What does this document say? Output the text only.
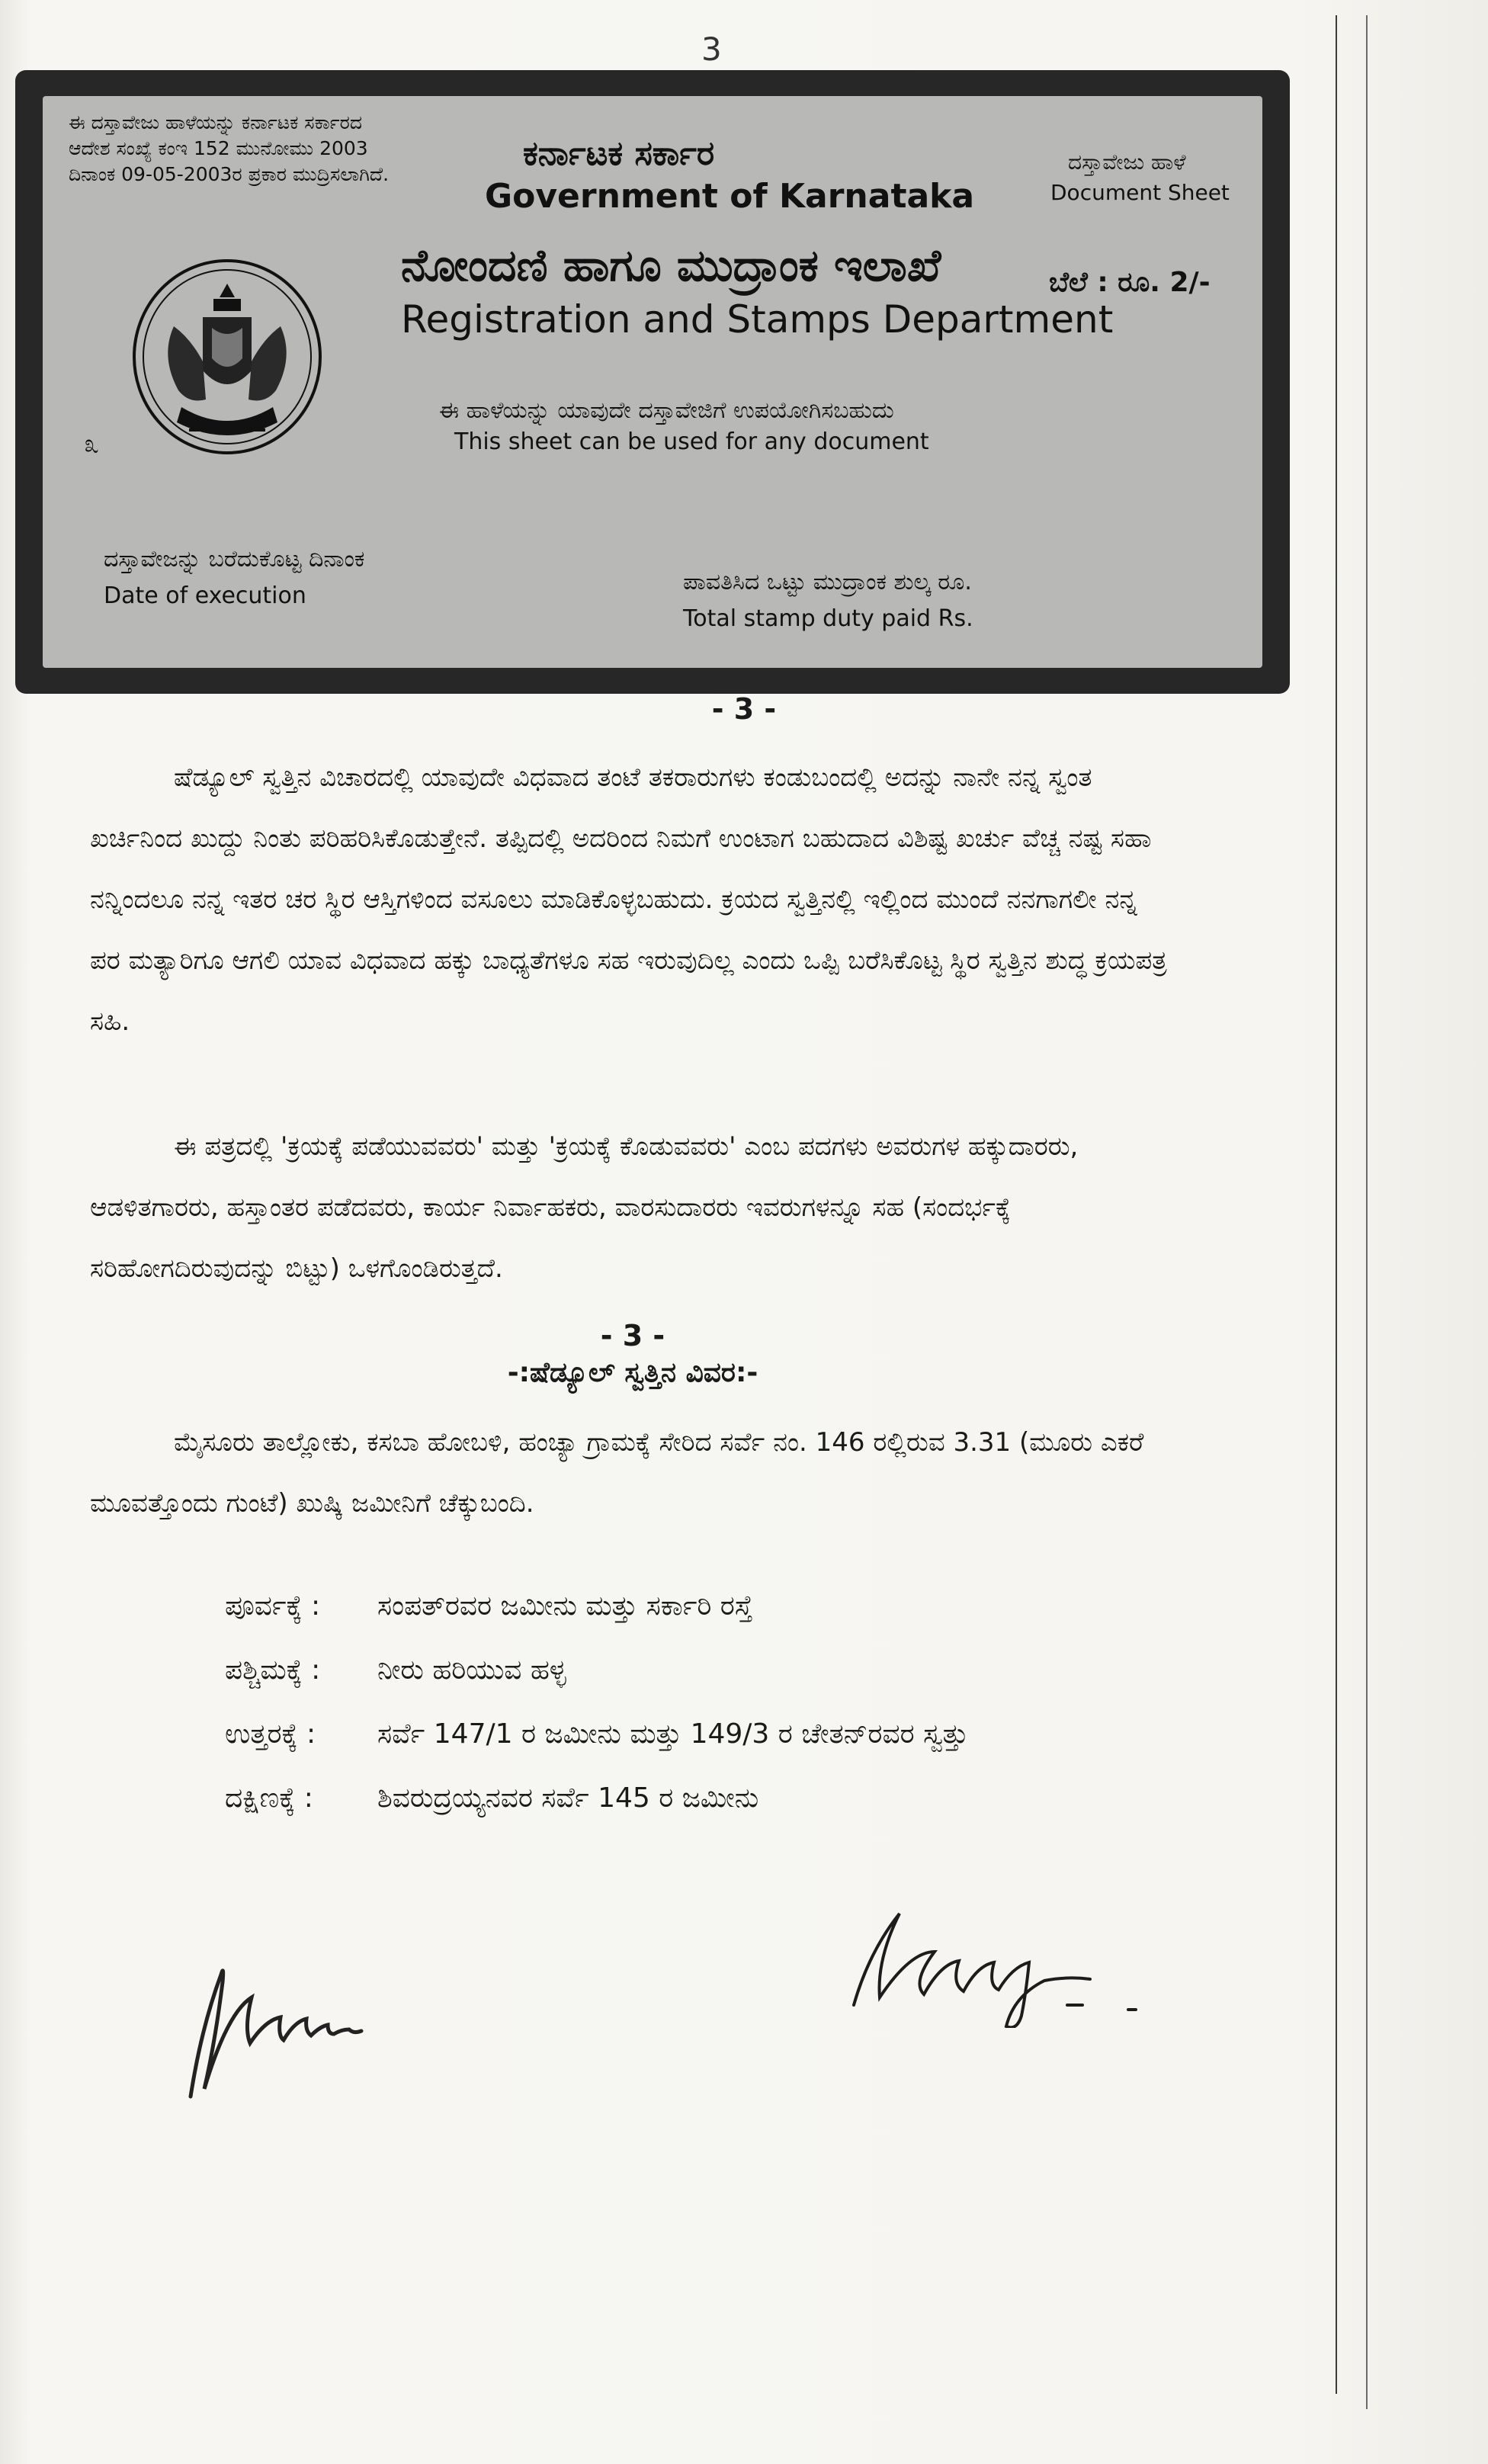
3
ಈ ದಸ್ತಾವೇಜು ಹಾಳೆಯನ್ನು ಕರ್ನಾಟಕ ಸರ್ಕಾರದ
ಆದೇಶ ಸಂಖ್ಯೆ ಕಂಇ 152 ಮುನೋಮು 2003
ದಿನಾಂಕ 09-05-2003ರ ಪ್ರಕಾರ ಮುದ್ರಿಸಲಾಗಿದೆ.
ಕರ್ನಾಟಕ ಸರ್ಕಾರ
Government of Karnataka
ದಸ್ತಾವೇಜು ಹಾಳೆ
Document Sheet
ನೋಂದಣಿ ಹಾಗೂ ಮುದ್ರಾಂಕ ಇಲಾಖೆ
Registration and Stamps Department
ಬೆಲೆ : ರೂ. 2/-
ಈ ಹಾಳೆಯನ್ನು ಯಾವುದೇ ದಸ್ತಾವೇಜಿಗೆ ಉಪಯೋಗಿಸಬಹುದು
This sheet can be used for any document
ದಸ್ತಾವೇಜನ್ನು ಬರೆದುಕೊಟ್ಟ ದಿನಾಂಕ
Date of execution
ಪಾವತಿಸಿದ ಒಟ್ಟು ಮುದ್ರಾಂಕ ಶುಲ್ಕ ರೂ.
Total stamp duty paid Rs.
೩
- 3 -
ಷೆಡ್ಯೂಲ್ ಸ್ವತ್ತಿನ ವಿಚಾರದಲ್ಲಿ ಯಾವುದೇ ವಿಧವಾದ ತಂಟೆ ತಕರಾರುಗಳು ಕಂಡುಬಂದಲ್ಲಿ ಅದನ್ನು ನಾನೇ ನನ್ನ ಸ್ವಂತ ಖರ್ಚಿನಿಂದ ಖುದ್ದು ನಿಂತು ಪರಿಹರಿಸಿಕೊಡುತ್ತೇನೆ. ತಪ್ಪಿದಲ್ಲಿ ಅದರಿಂದ ನಿಮಗೆ ಉಂಟಾಗ ಬಹುದಾದ ವಿಶಿಷ್ಟ ಖರ್ಚು ವೆಚ್ಚ ನಷ್ಟ ಸಹಾ ನನ್ನಿಂದಲೂ ನನ್ನ ಇತರ ಚರ ಸ್ಥಿರ ಆಸ್ತಿಗಳಿಂದ ವಸೂಲು ಮಾಡಿಕೊಳ್ಳಬಹುದು. ಕ್ರಯದ ಸ್ವತ್ತಿನಲ್ಲಿ ಇಲ್ಲಿಂದ ಮುಂದೆ ನನಗಾಗಲೀ ನನ್ನ ಪರ ಮತ್ಯಾರಿಗೂ ಆಗಲಿ ಯಾವ ವಿಧವಾದ ಹಕ್ಕು ಬಾಧ್ಯತೆಗಳೂ ಸಹ ಇರುವುದಿಲ್ಲ ಎಂದು ಒಪ್ಪಿ ಬರೆಸಿಕೊಟ್ಟ ಸ್ಥಿರ ಸ್ವತ್ತಿನ ಶುದ್ಧ ಕ್ರಯಪತ್ರ ಸಹಿ.
ಈ ಪತ್ರದಲ್ಲಿ 'ಕ್ರಯಕ್ಕೆ ಪಡೆಯುವವರು' ಮತ್ತು 'ಕ್ರಯಕ್ಕೆ ಕೊಡುವವರು' ಎಂಬ ಪದಗಳು ಅವರುಗಳ ಹಕ್ಕುದಾರರು, ಆಡಳಿತಗಾರರು, ಹಸ್ತಾಂತರ ಪಡೆದವರು, ಕಾರ್ಯ ನಿರ್ವಾಹಕರು, ವಾರಸುದಾರರು ಇವರುಗಳನ್ನೂ ಸಹ (ಸಂದರ್ಭಕ್ಕೆ ಸರಿಹೋಗದಿರುವುದನ್ನು ಬಿಟ್ಟು) ಒಳಗೊಂಡಿರುತ್ತದೆ.
- 3 -
-:ಷೆಡ್ಯೂಲ್ ಸ್ವತ್ತಿನ ವಿವರ:-
ಮೈಸೂರು ತಾಲ್ಲೋಕು, ಕಸಬಾ ಹೋಬಳಿ, ಹಂಚ್ಯಾ ಗ್ರಾಮಕ್ಕೆ ಸೇರಿದ ಸರ್ವೆ ನಂ. 146 ರಲ್ಲಿರುವ 3.31 (ಮೂರು ಎಕರೆ ಮೂವತ್ತೊಂದು ಗುಂಟೆ) ಖುಷ್ಕಿ ಜಮೀನಿಗೆ ಚೆಕ್ಕುಬಂದಿ.
ಪೂರ್ವಕ್ಕೆ : ಸಂಪತ್‌ರವರ ಜಮೀನು ಮತ್ತು ಸರ್ಕಾರಿ ರಸ್ತೆ
ಪಶ್ಚಿಮಕ್ಕೆ : ನೀರು ಹರಿಯುವ ಹಳ್ಳ
ಉತ್ತರಕ್ಕೆ : ಸರ್ವೆ 147/1 ರ ಜಮೀನು ಮತ್ತು 149/3 ರ ಚೇತನ್‌ರವರ ಸ್ವತ್ತು
ದಕ್ಷಿಣಕ್ಕೆ : ಶಿವರುದ್ರಯ್ಯನವರ ಸರ್ವೆ 145 ರ ಜಮೀನು
